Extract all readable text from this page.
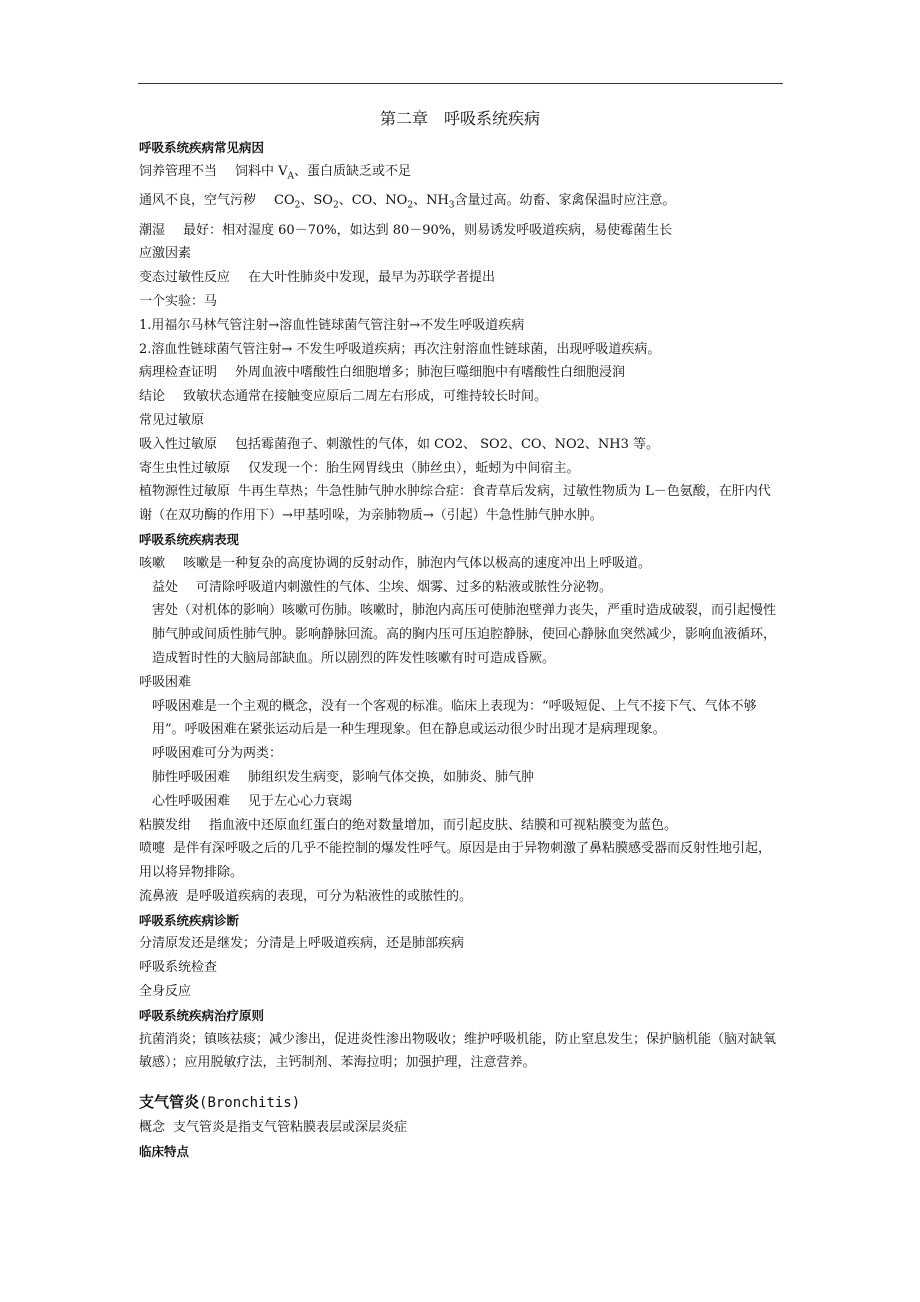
第二章 呼吸系统疾病

呼吸系统疾病常见病因

饲养管理不当 饲料中 $V_A$、蛋白质缺乏或不足

通风不良，空气污秽 $CO_2$、$SO_2$、CO、$NO_2$、$NH_3$含量过高。幼畜、家禽保温时应注意。

潮湿 最好：相对湿度 60－70%，如达到 80－90%，则易诱发呼吸道疾病，易使霉菌生长

应激因素

变态过敏性反应 在大叶性肺炎中发现，最早为苏联学者提出

一个实验：马

1.用福尔马林气管注射→溶血性链球菌气管注射→不发生呼吸道疾病

2.溶血性链球菌气管注射→ 不发生呼吸道疾病；再次注射溶血性链球菌，出现呼吸道疾病。

病理检查证明 外周血液中嗜酸性白细胞增多；肺泡巨噬细胞中有嗜酸性白细胞浸润

结论 致敏状态通常在接触变应原后二周左右形成，可维持较长时间。

常见过敏原

吸入性过敏原 包括霉菌孢子、刺激性的气体，如 CO2、 SO2、CO、NO2、NH3 等。

寄生虫性过敏原 仅发现一个：胎生网胃线虫（肺丝虫），蚯蚓为中间宿主。

植物源性过敏原 牛再生草热；牛急性肺气肿水肿综合症：食青草后发病，过敏性物质为 L－色氨酸，在肝内代谢（在双功酶的作用下）→甲基吲哚，为亲肺物质→（引起）牛急性肺气肿水肿。

呼吸系统疾病表现

咳嗽 咳嗽是一种复杂的高度协调的反射动作，肺泡内气体以极高的速度冲出上呼吸道。

益处 可清除呼吸道内刺激性的气体、尘埃、烟雾、过多的粘液或脓性分泌物。

害处（对机体的影响）咳嗽可伤肺。咳嗽时，肺泡内高压可使肺泡壁弹力丧失，严重时造成破裂，而引起慢性肺气肿或间质性肺气肿。影响静脉回流。高的胸内压可压迫腔静脉，使回心静脉血突然减少，影响血液循环，造成暂时性的大脑局部缺血。所以剧烈的阵发性咳嗽有时可造成昏厥。

呼吸困难

呼吸困难是一个主观的概念，没有一个客观的标准。临床上表现为：“呼吸短促、上气不接下气、气体不够用”。呼吸困难在紧张运动后是一种生理现象。但在静息或运动很少时出现才是病理现象。

呼吸困难可分为两类：

肺性呼吸困难 肺组织发生病变，影响气体交换，如肺炎、肺气肿

心性呼吸困难 见于左心心力衰竭

粘膜发绀 指血液中还原血红蛋白的绝对数量增加，而引起皮肤、结膜和可视粘膜变为蓝色。

喷嚏 是伴有深呼吸之后的几乎不能控制的爆发性呼气。原因是由于异物刺激了鼻粘膜感受器而反射性地引起，用以将异物排除。

流鼻液 是呼吸道疾病的表现，可分为粘液性的或脓性的。

呼吸系统疾病诊断

分清原发还是继发；分清是上呼吸道疾病，还是肺部疾病

呼吸系统检查

全身反应

呼吸系统疾病治疗原则

抗菌消炎；镇咳祛痰；减少渗出，促进炎性渗出物吸收；维护呼吸机能，防止窒息发生；保护脑机能（脑对缺氧敏感）；应用脱敏疗法，主钙制剂、苯海拉明；加强护理，注意营养。

支气管炎(Bronchitis)

概念 支气管炎是指支气管粘膜表层或深层炎症

临床特点
